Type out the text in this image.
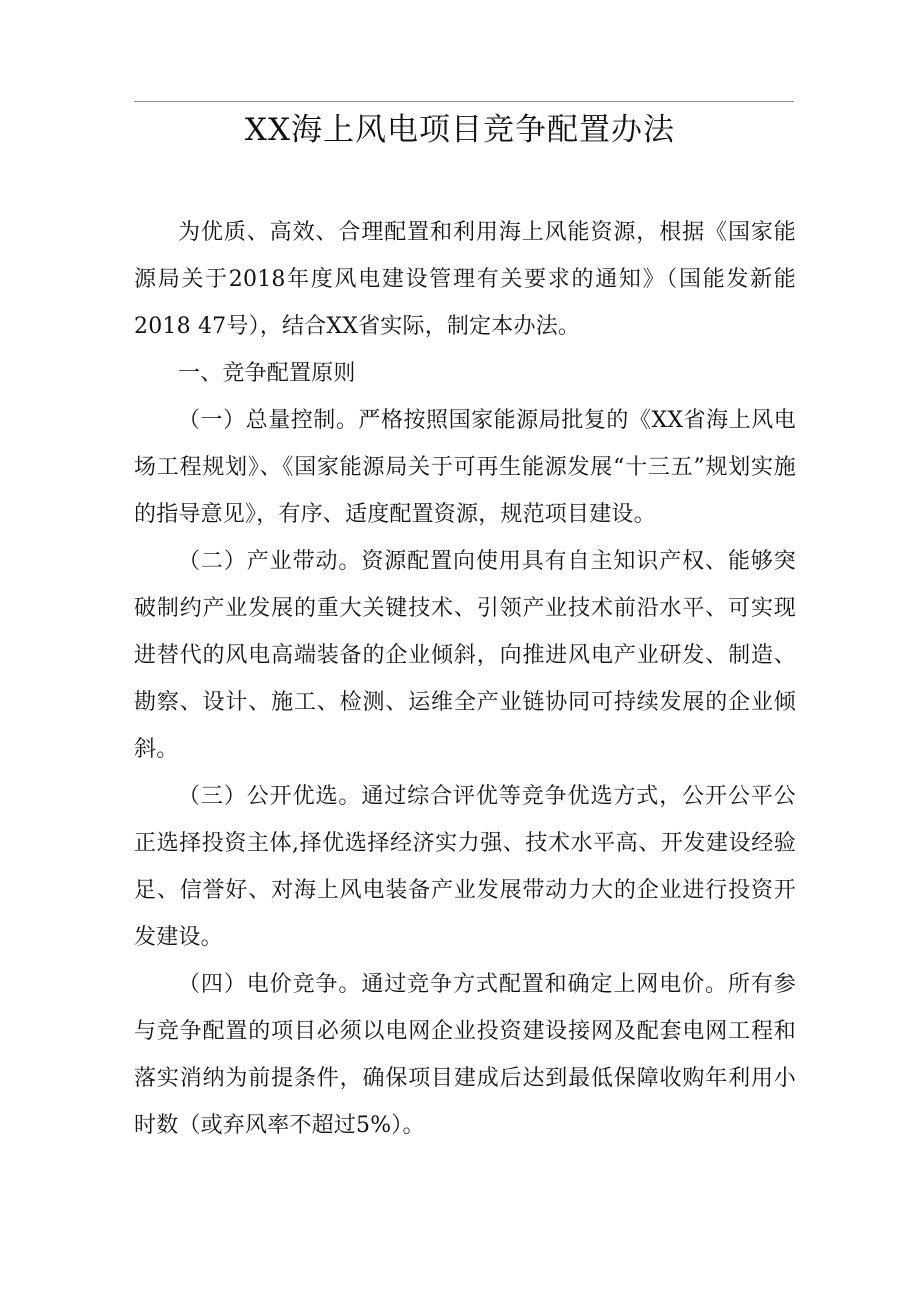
XX海上风电项目竞争配置办法

为优质、高效、合理配置和利用海上风能资源，根据《国家能源局关于2018年度风电建设管理有关要求的通知》（国能发新能2018 47号），结合XX省实际，制定本办法。

一、竞争配置原则

（一）总量控制。严格按照国家能源局批复的《XX省海上风电场工程规划》、《国家能源局关于可再生能源发展“十三五”规划实施的指导意见》，有序、适度配置资源，规范项目建设。

（二）产业带动。资源配置向使用具有自主知识产权、能够突破制约产业发展的重大关键技术、引领产业技术前沿水平、可实现进替代的风电高端装备的企业倾斜，向推进风电产业研发、制造、勘察、设计、施工、检测、运维全产业链协同可持续发展的企业倾斜。

（三）公开优选。通过综合评优等竞争优选方式，公开公平公正选择投资主体,择优选择经济实力强、技术水平高、开发建设经验足、信誉好、对海上风电装备产业发展带动力大的企业进行投资开发建设。

（四）电价竞争。通过竞争方式配置和确定上网电价。所有参与竞争配置的项目必须以电网企业投资建设接网及配套电网工程和落实消纳为前提条件，确保项目建成后达到最低保障收购年利用小时数（或弃风率不超过5%）。
